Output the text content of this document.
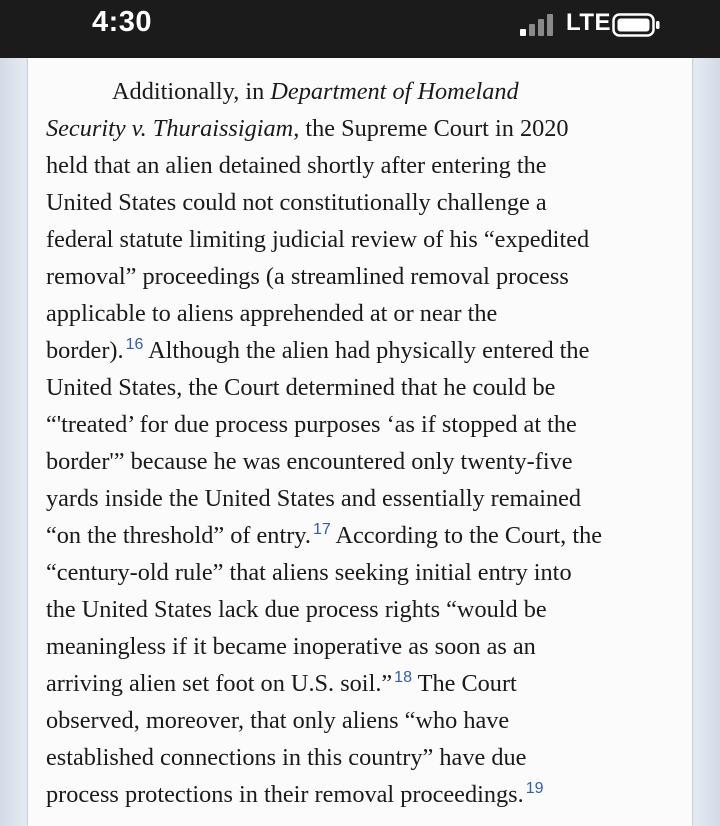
4:30	LTE
Additionally, in Department of Homeland
Security v. Thuraissigiam, the Supreme Court in 2020
held that an alien detained shortly after entering the
United States could not constitutionally challenge a
federal statute limiting judicial review of his “expedited
removal” proceedings (a streamlined removal process
applicable to aliens apprehended at or near the
border). $^{16}$ Although the alien had physically entered the
United States, the Court determined that he could be
“'treated’ for due process purposes ‘as if stopped at the
border'” because he was encountered only twenty-five
yards inside the United States and essentially remained
“on the threshold” of entry. $^{17}$ According to the Court, the
“century-old rule” that aliens seeking initial entry into
the United States lack due process rights “would be
meaningless if it became inoperative as soon as an
arriving alien set foot on U.S. soil.” $^{18}$ The Court
observed, moreover, that only aliens “who have
established connections in this country” have due
process protections in their removal proceedings. $^{19}$
